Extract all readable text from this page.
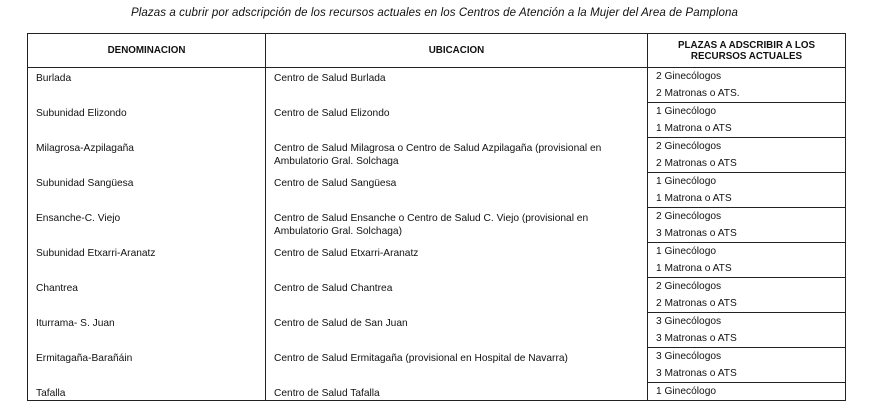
Plazas a cubrir por adscripción de los recursos actuales en los Centros de Atención a la Mujer del Area de Pamplona
DENOMINACION	UBICACION	PLAZAS A ADSCRIBIR A LOS RECURSOS ACTUALES

Burlada	Centro de Salud Burlada	2 Ginecólogos

		2 Matronas o ATS.

Subunidad Elizondo	Centro de Salud Elizondo	1 Ginecólogo

		1 Matrona o ATS

Milagrosa-Azpilagaña	Centro de Salud Milagrosa o Centro de Salud Azpilagaña (provisional en Ambulatorio Gral. Solchaga	2 Ginecólogos

		2 Matronas o ATS

Subunidad Sangüesa	Centro de Salud Sangüesa	1 Ginecólogo

		1 Matrona o ATS

Ensanche-C. Viejo	Centro de Salud Ensanche o Centro de Salud C. Viejo (provisional en Ambulatorio Gral. Solchaga)	2 Ginecólogos

		3 Matronas o ATS

Subunidad Etxarri-Aranatz	Centro de Salud Etxarri-Aranatz	1 Ginecólogo

		1 Matrona o ATS

Chantrea	Centro de Salud Chantrea	2 Ginecólogos

		2 Matronas o ATS

Iturrama- S. Juan	Centro de Salud de San Juan	3 Ginecólogos

		3 Matronas o ATS

Ermitagaña-Barañáin	Centro de Salud Ermitagaña (provisional en Hospital de Navarra)	3 Ginecólogos

		3 Matronas o ATS

Tafalla	Centro de Salud Tafalla	1 Ginecólogo
